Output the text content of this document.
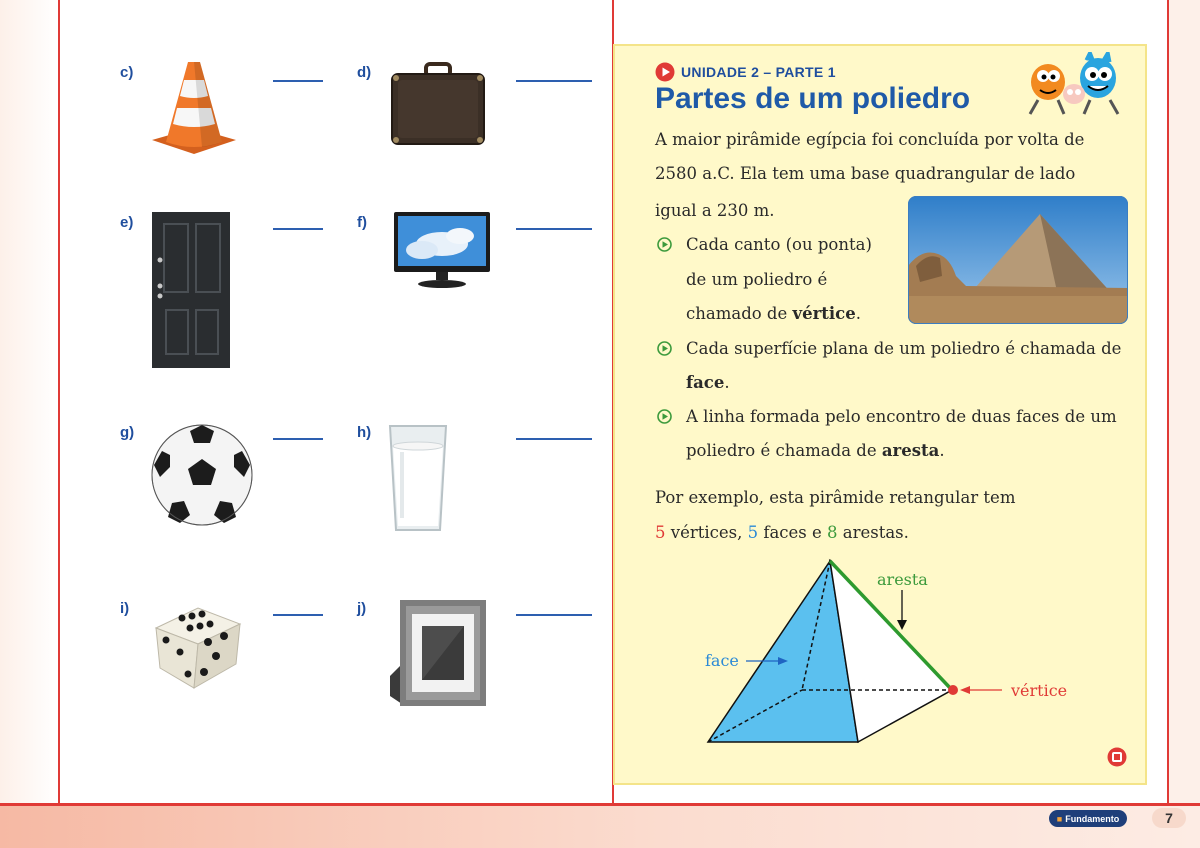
c)	d)
e)	f)
g)	h)
i)	j)
UNIDADE 2 – PARTE 1
Partes de um poliedro
A maior pirâmide egípcia foi concluída por volta de
2580 a.C. Ela tem uma base quadrangular de lado
igual a 230 m.
Cada canto (ou ponta)
de um poliedro é
chamado de vértice.
Cada superfície plana de um poliedro é chamada de
face.
A linha formada pelo encontro de duas faces de um
poliedro é chamada de aresta.
Por exemplo, esta pirâmide retangular tem
5 vértices, 5 faces e 8 arestas.
aresta
face
vértice
■ Fundamento	7
